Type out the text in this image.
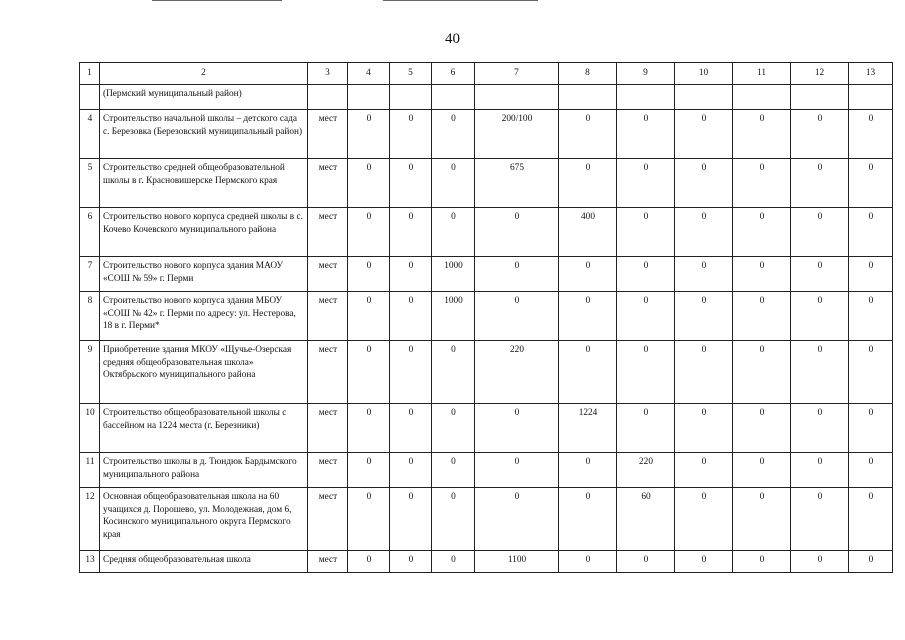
40
1	2	3	4	5	6	7	8	9	10	11	12	13
	(Пермский муниципальный район)											
4	Строительство начальной школы – детского сада с. Березовка (Березовский муниципальный район)	мест	0	0	0	200/100	0	0	0	0	0	0
5	Строительство средней общеобразовательной школы в г. Красновишерске Пермского края	мест	0	0	0	675	0	0	0	0	0	0
6	Строительство нового корпуса средней школы в с. Кочево Кочевского муниципального района	мест	0	0	0	0	400	0	0	0	0	0
7	Строительство нового корпуса здания МАОУ «СОШ № 59» г. Перми	мест	0	0	1000	0	0	0	0	0	0	0
8	Строительство нового корпуса здания МБОУ «СОШ № 42» г. Перми по адресу: ул. Нестерова, 18 в г. Перми*	мест	0	0	1000	0	0	0	0	0	0	0
9	Приобретение здания МКОУ «Щучье-Озерская средняя общеобразовательная школа» Октябрьского муниципального района	мест	0	0	0	220	0	0	0	0	0	0
10	Строительство общеобразовательной школы с бассейном на 1224 места (г. Березники)	мест	0	0	0	0	1224	0	0	0	0	0
11	Строительство школы в д. Тюндюк Бардымского муниципального района	мест	0	0	0	0	0	220	0	0	0	0
12	Основная общеобразовательная школа на 60 учащихся д. Порошево, ул. Молодежная, дом 6, Косинского муниципального округа Пермского края	мест	0	0	0	0	0	60	0	0	0	0
13	Средняя общеобразовательная школа	мест	0	0	0	1100	0	0	0	0	0	0
